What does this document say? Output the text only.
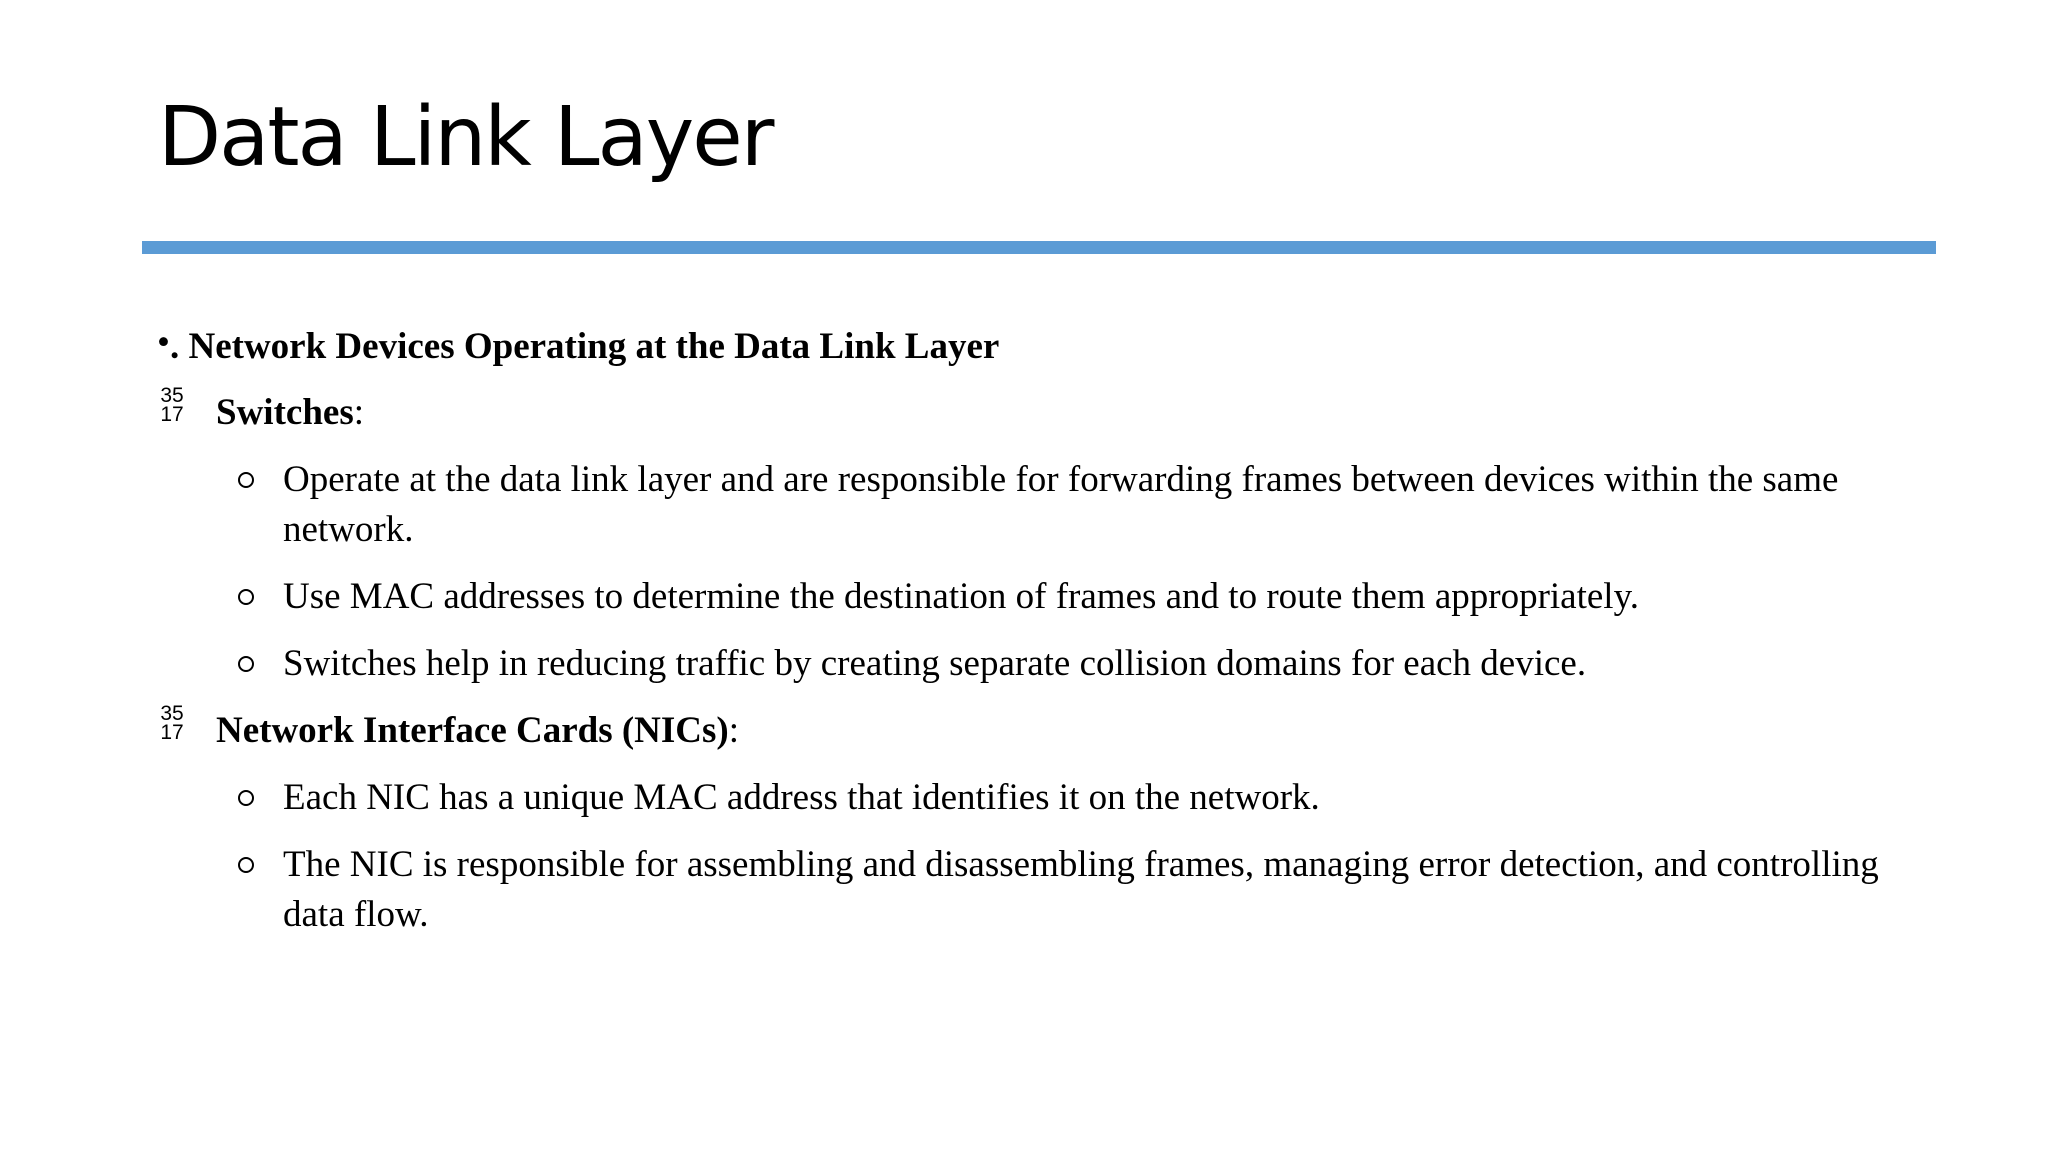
Data Link Layer
• . Network Devices Operating at the Data Link Layer
35
17 Switches:
Operate at the data link layer and are responsible for forwarding frames between devices within the same network.
Use MAC addresses to determine the destination of frames and to route them appropriately.
Switches help in reducing traffic by creating separate collision domains for each device.
35
17 Network Interface Cards (NICs):
Each NIC has a unique MAC address that identifies it on the network.
The NIC is responsible for assembling and disassembling frames, managing error detection, and controlling data flow.
